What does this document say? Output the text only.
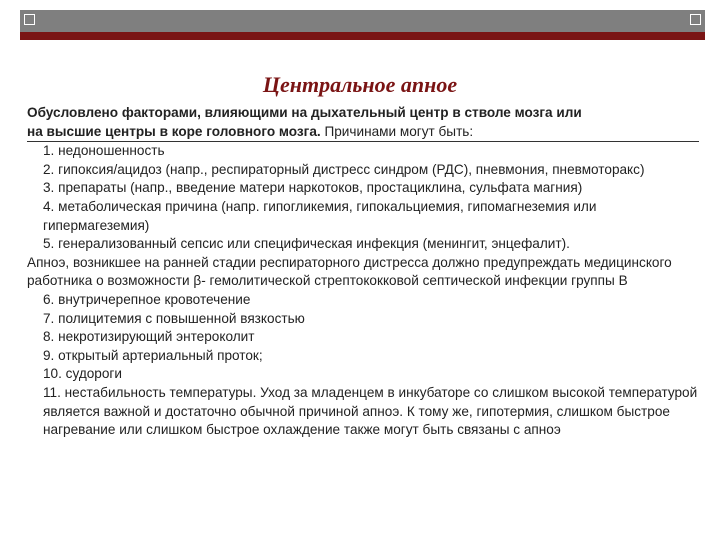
Центральное апное
Обусловлено факторами, влияющими на дыхательный центр в стволе мозга или
на высшие центры в коре головного мозга. Причинами могут быть:
1. недоношенность
2. гипоксия/ацидоз (напр., респираторный дистресс синдром (РДС), пневмония, пневмоторакс)
3. препараты (напр., введение матери наркотоков, простациклина, сульфата магния)
4. метаболическая причина (напр. гипогликемия, гипокальциемия, гипомагнеземия или гипермагеземия)
5. генерализованный сепсис или специфическая инфекция (менингит, энцефалит).
Апноэ, возникшее на ранней стадии респираторного дистресса должно предупреждать медицинского работника о возможности β- гемолитической стрептококковой септической инфекции группы В
6. внутричерепное кровотечение
7. полицитемия с повышенной вязкостью
8. некротизирующий энтероколит
9. открытый артериальный проток;
10. судороги
11. нестабильность температуры. Уход за младенцем в инкубаторе со слишком высокой температурой является важной и достаточно обычной причиной апноэ. К тому же, гипотермия, слишком быстрое нагревание или слишком быстрое охлаждение также могут быть связаны с апноэ
